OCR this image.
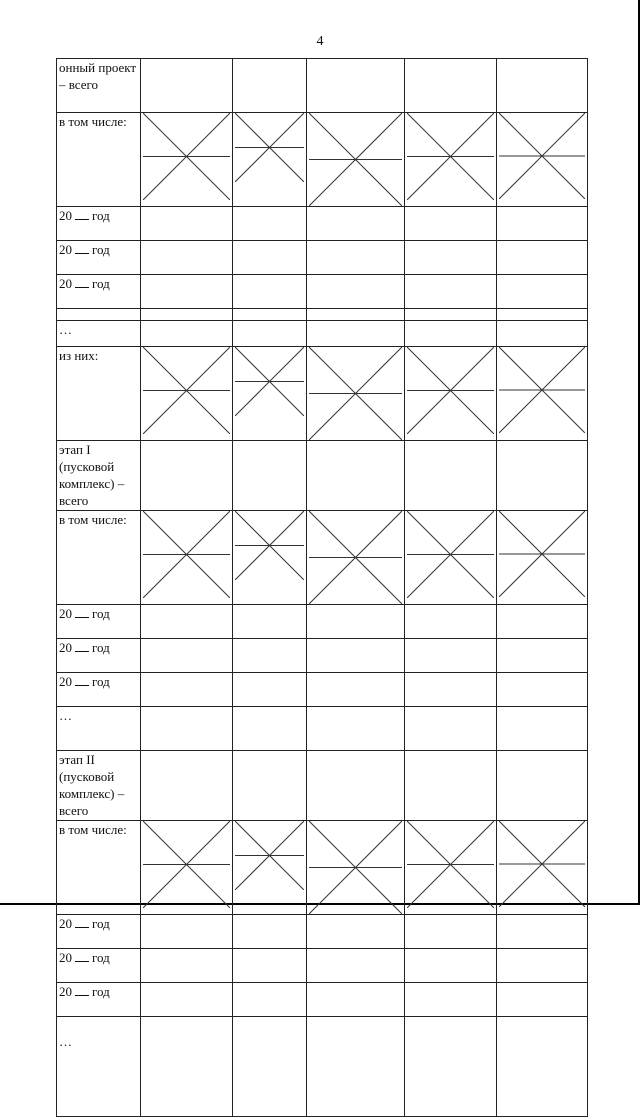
4
онный проект – всего					
в том числе:	

20 год					
20 год					
20 год					

…					
из них:	

этап I (пусковой комплекс) – всего					
в том числе:	

20 год					
20 год					
20 год					
…					
этап II (пусковой комплекс) – всего					
в том числе:	

20 год					
20 год					
20 год					
…					
